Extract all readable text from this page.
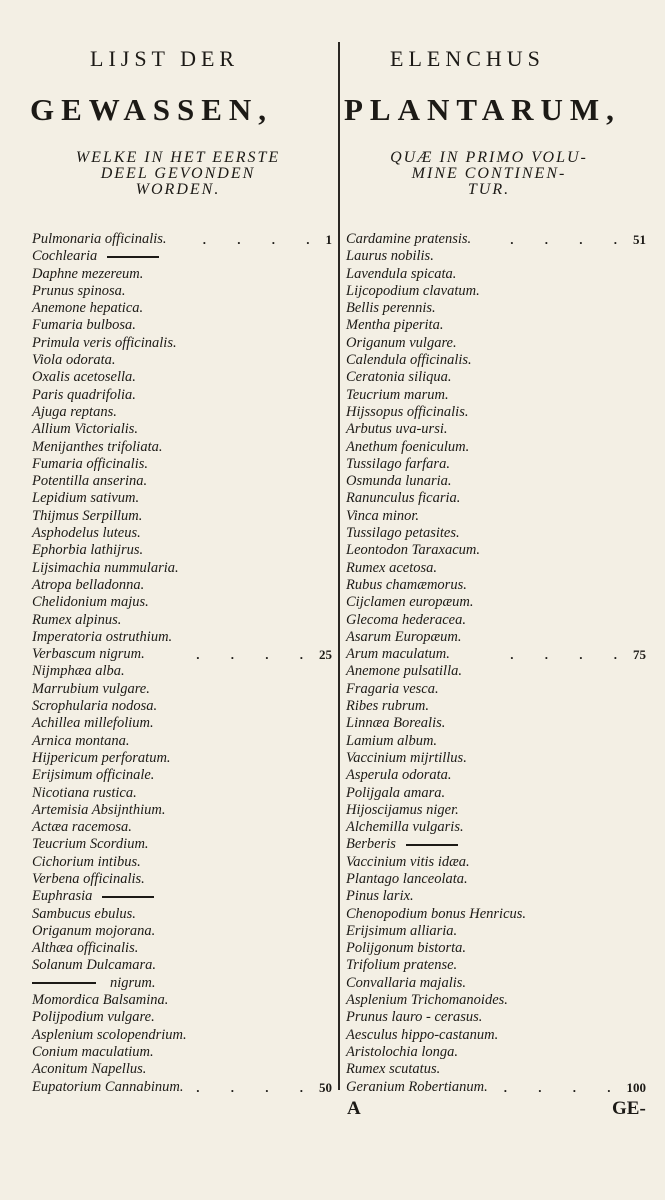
LIJST DER
GEWASSEN,
WELKE IN HET EERSTE
DEEL GEVONDEN
WORDEN.
Pulmonaria officinalis.	. . . . 1
Cochlearia
Daphne mezereum.
Prunus spinosa.
Anemone hepatica.
Fumaria bulbosa.
Primula veris officinalis.
Viola odorata.
Oxalis acetosella.
Paris quadrifolia.
Ajuga reptans.
Allium Victorialis.
Menijanthes trifoliata.
Fumaria officinalis.
Potentilla anserina.
Lepidium sativum.
Thijmus Serpillum.
Asphodelus luteus.
Ephorbia lathijrus.
Lijsimachia nummularia.
Atropa belladonna.
Chelidonium majus.
Rumex alpinus.
Imperatoria ostruthium.
Verbascum nigrum.	. . . . 25
Nijmphæa alba.
Marrubium vulgare.
Scrophularia nodosa.
Achillea millefolium.
Arnica montana.
Hijpericum perforatum.
Erijsimum officinale.
Nicotiana rustica.
Artemisia Absijnthium.
Actæa racemosa.
Teucrium Scordium.
Cichorium intibus.
Verbena officinalis.
Euphrasia
Sambucus ebulus.
Origanum mojorana.
Althæa officinalis.
Solanum Dulcamara.
nigrum.
Momordica Balsamina.
Polijpodium vulgare.
Asplenium scolopendrium.
Conium maculatium.
Aconitum Napellus.
Eupatorium Cannabinum. . . . . 50
ELENCHUS
PLANTARUM,
QUÆ IN PRIMO VOLU-
MINE CONTINEN-
TUR.
Cardamine pratensis.	. . . . 51
Laurus nobilis.
Lavendula spicata.
Lijcopodium clavatum.
Bellis perennis.
Mentha piperita.
Origanum vulgare.
Calendula officinalis.
Ceratonia siliqua.
Teucrium marum.
Hijssopus officinalis.
Arbutus uva-ursi.
Anethum foeniculum.
Tussilago farfara.
Osmunda lunaria.
Ranunculus ficaria.
Vinca minor.
Tussilago petasites.
Leontodon Taraxacum.
Rumex acetosa.
Rubus chamæmorus.
Cijclamen europæum.
Glecoma hederacea.
Asarum Europæum.
Arum maculatum.	. . . . 75
Anemone pulsatilla.
Fragaria vesca.
Ribes rubrum.
Linnæa Borealis.
Lamium album.
Vaccinium mijrtillus.
Asperula odorata.
Polijgala amara.
Hijoscijamus niger.
Alchemilla vulgaris.
Berberis
Vaccinium vitis idæa.
Plantago lanceolata.
Pinus larix.
Chenopodium bonus Henricus.
Erijsimum alliaria.
Polijgonum bistorta.
Trifolium pratense.
Convallaria majalis.
Asplenium Trichomanoides.
Prunus lauro - cerasus.
Aesculus hippo-castanum.
Aristolochia longa.
Rumex scutatus.
Geranium Robertianum.	. . . . 100
A	GE-
